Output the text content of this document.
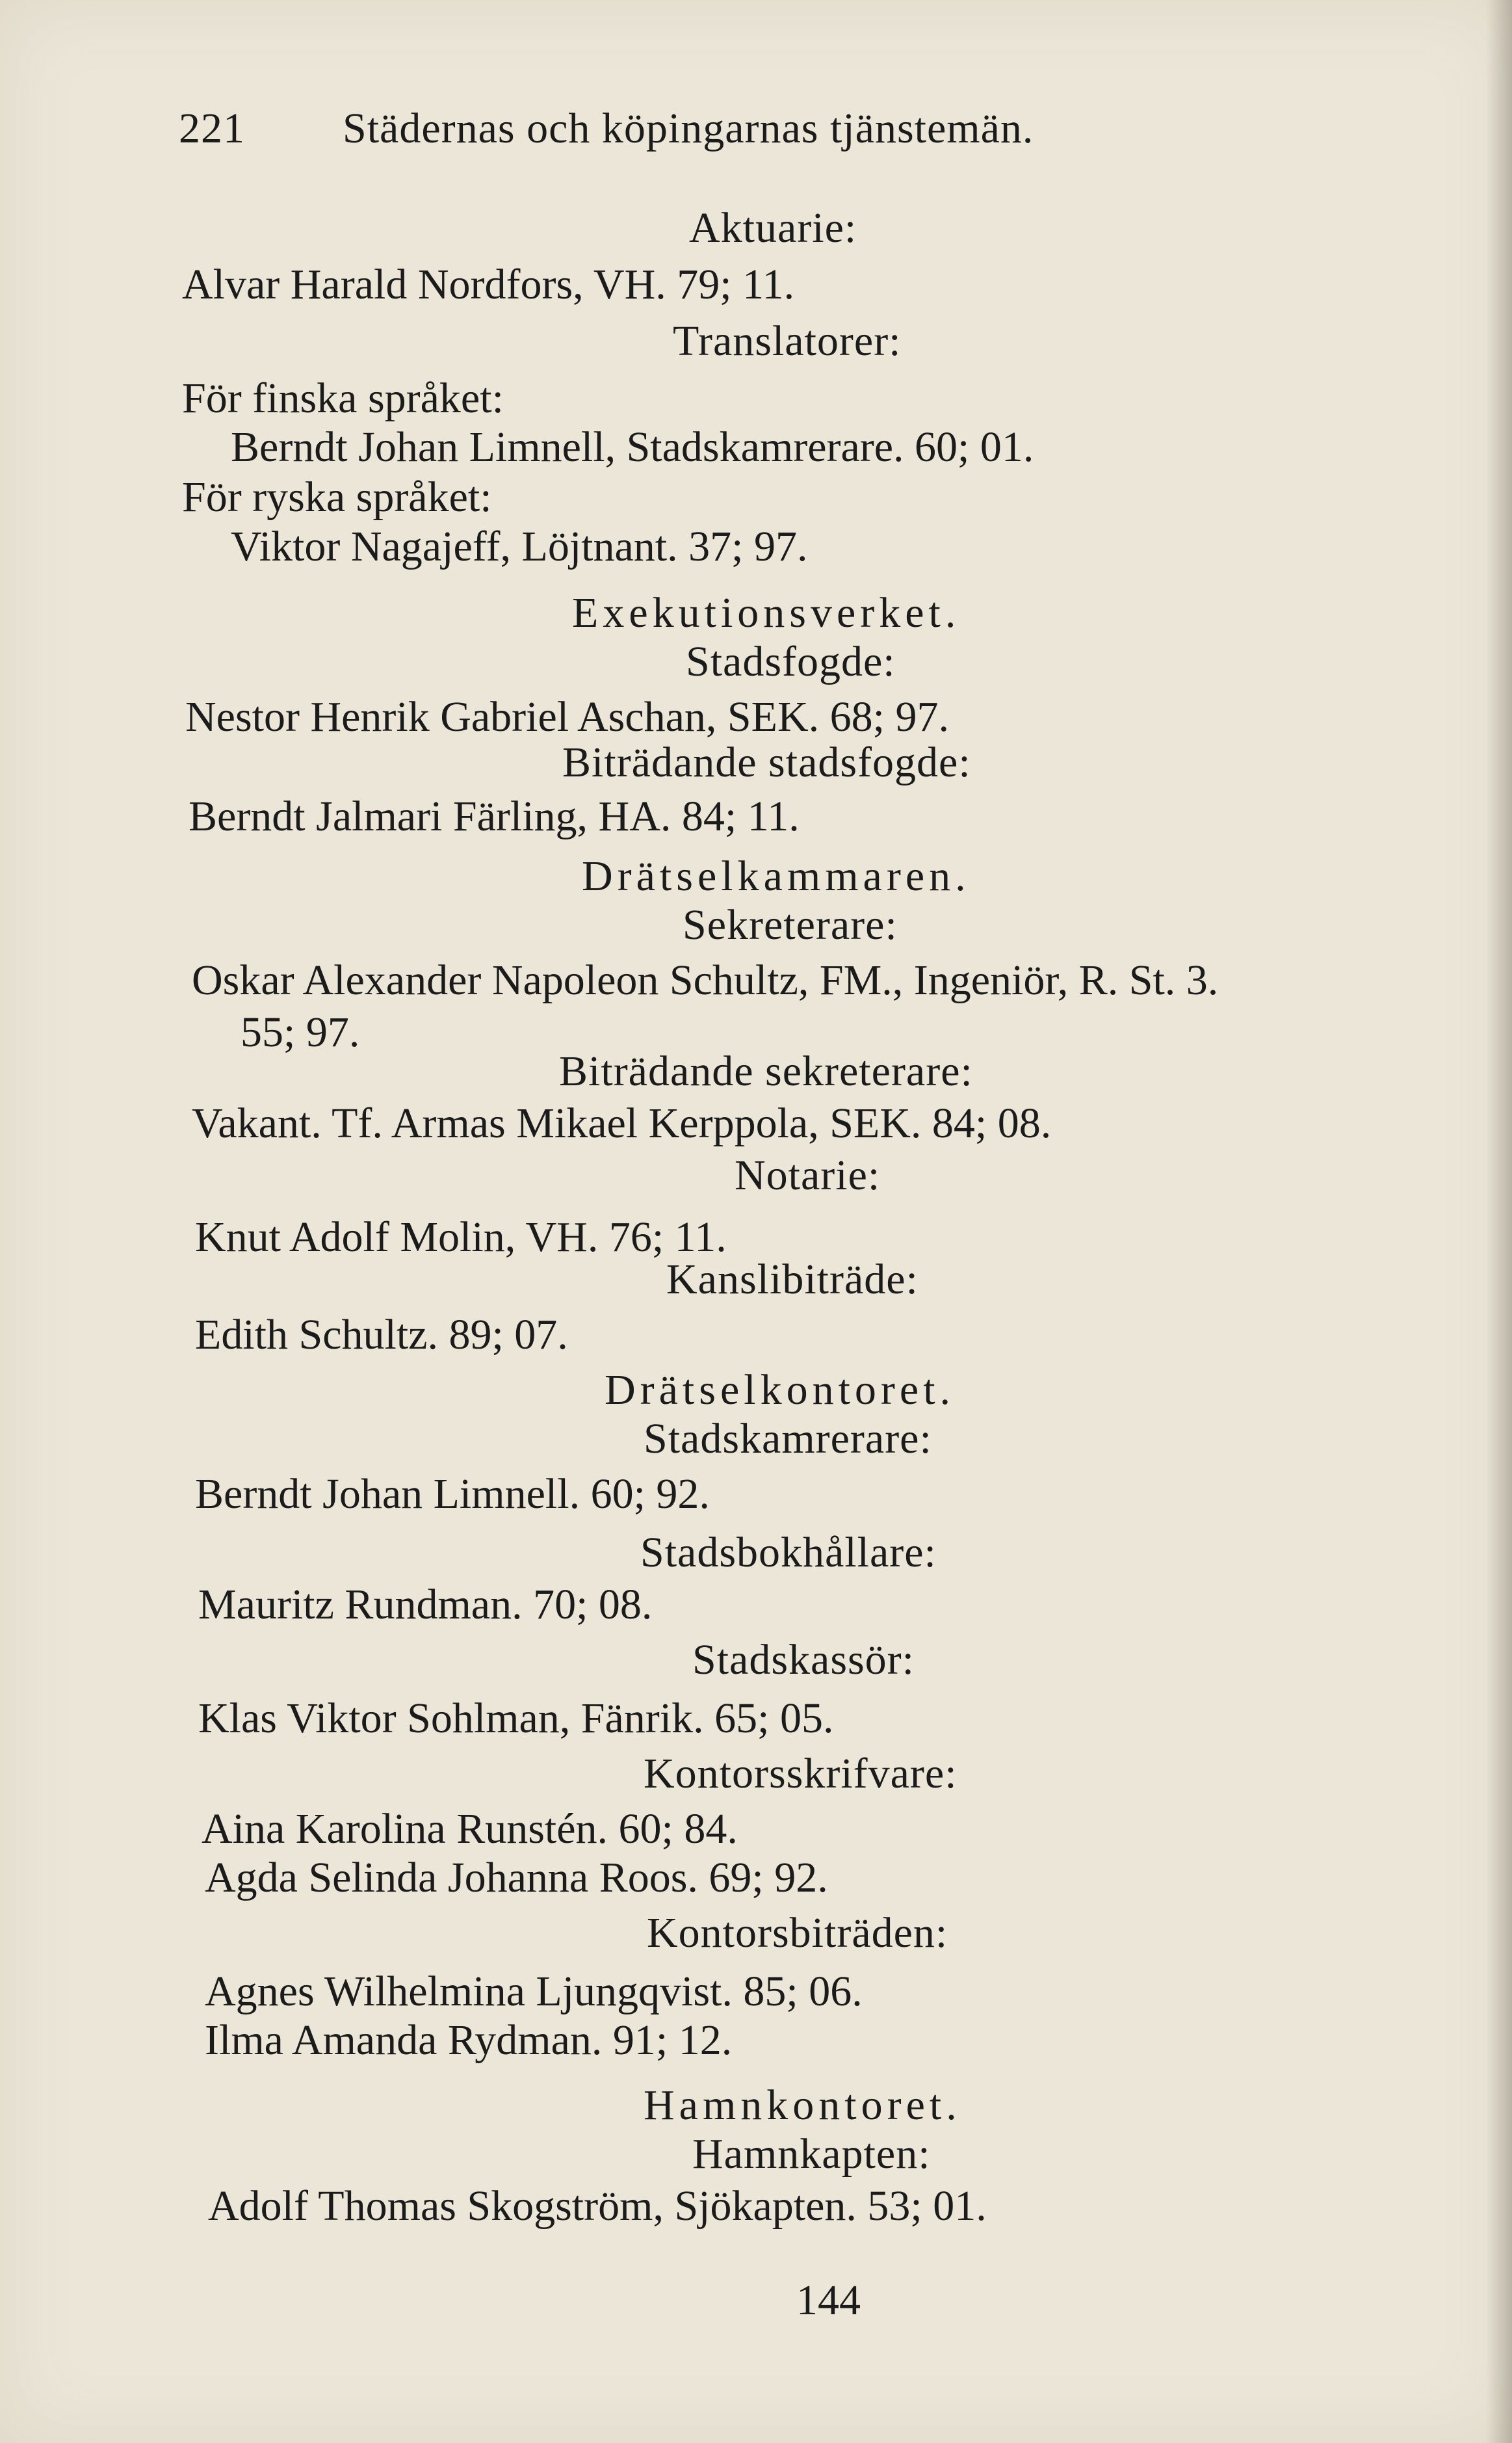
221 Städernas och köpingarnas tjänstemän.
Aktuarie:
Alvar Harald Nordfors, VH. 79; 11.
Translatorer:
För finska språket:
Berndt Johan Limnell, Stadskamrerare. 60; 01.
För ryska språket:
Viktor Nagajeff, Löjtnant. 37; 97.
Exekutionsverket.
Stadsfogde:
Nestor Henrik Gabriel Aschan, SEK. 68; 97.
Biträdande stadsfogde:
Berndt Jalmari Färling, HA. 84; 11.
Drätselkammaren.
Sekreterare:
Oskar Alexander Napoleon Schultz, FM., Ingeniör, R. St. 3.
55; 97.
Biträdande sekreterare:
Vakant. Tf. Armas Mikael Kerppola, SEK. 84; 08.
Notarie:
Knut Adolf Molin, VH. 76; 11.
Kanslibiträde:
Edith Schultz. 89; 07.
Drätselkontoret.
Stadskamrerare:
Berndt Johan Limnell. 60; 92.
Stadsbokhållare:
Mauritz Rundman. 70; 08.
Stadskassör:
Klas Viktor Sohlman, Fänrik. 65; 05.
Kontorsskrifvare:
Aina Karolina Runstén. 60; 84.
Agda Selinda Johanna Roos. 69; 92.
Kontorsbiträden:
Agnes Wilhelmina Ljungqvist. 85; 06.
Ilma Amanda Rydman. 91; 12.
Hamnkontoret.
Hamnkapten:
Adolf Thomas Skogström, Sjökapten. 53; 01.
144
